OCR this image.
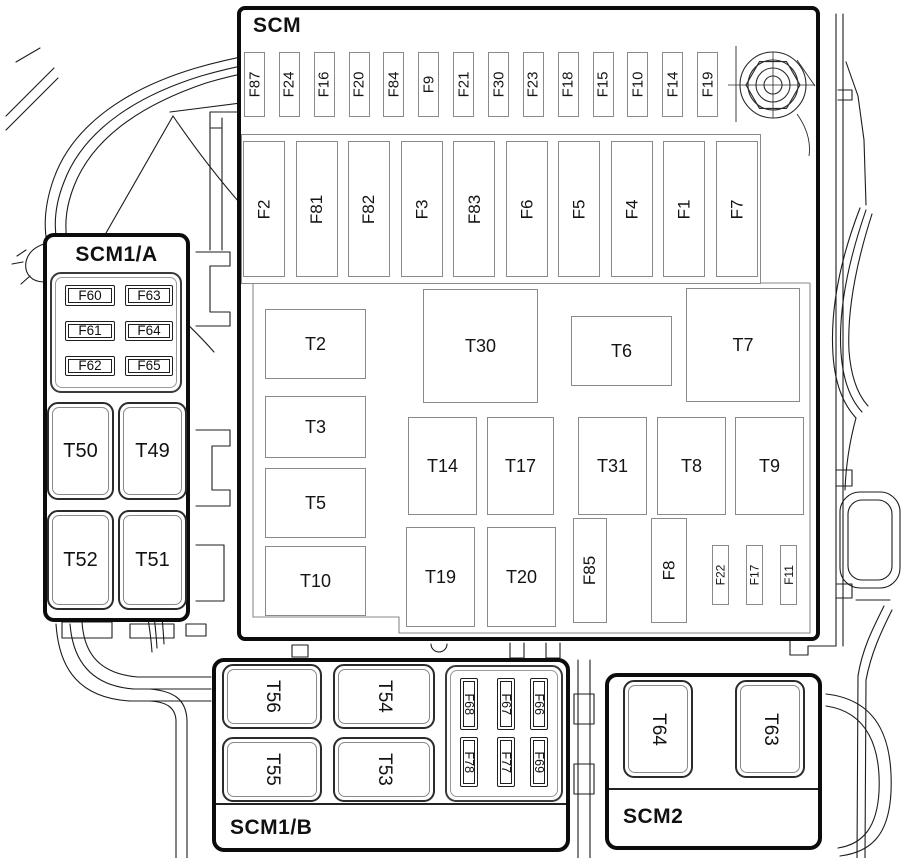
SCM
F87 F24 F16 F20 F84 F9 F21 F30 F23 F18 F15 F10 F14 F19
F2 F81 F82 F3 F83 F6 F5 F4 F1 F7
T2	T30	T6	T7
T3
T14	T17	T31	T8	T9
T5
T10	T19	T20	F85	F8	F22 F17 F11
SCM1/A
F60	F63
F61	F64
F62	F65
T50 T49
T52 T51
SCM1/B
T56	T54
T55	T53
F68 F67 F66
F78 F77 F69
SCM2
T64	T63
